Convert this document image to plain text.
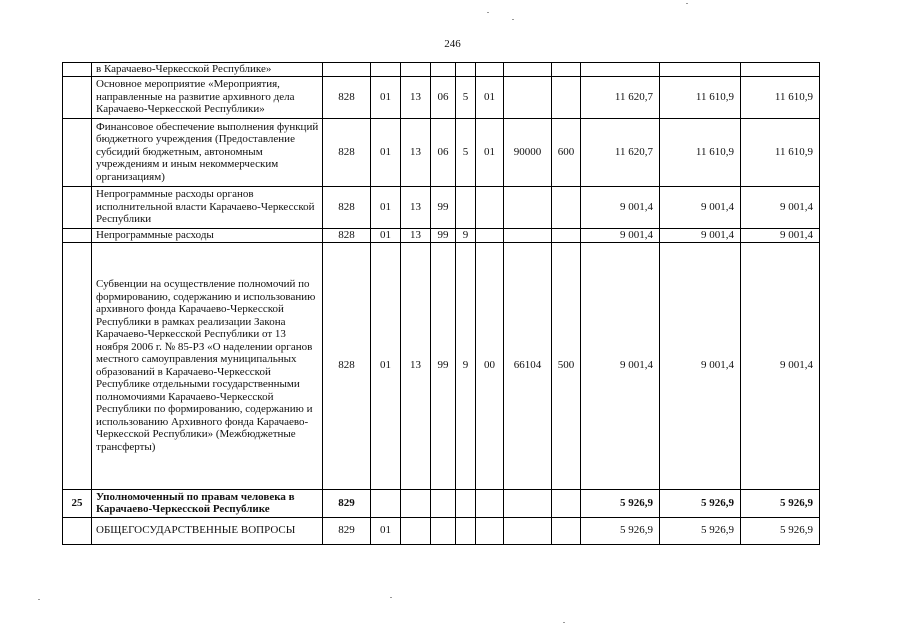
246
	в Карачаево-Черкесской Республике»											
	Основное мероприятие «Мероприятия, направленные на развитие архивного дела Карачаево-Черкесской Республики»	828	01	13	06	5	01			11 620,7	11 610,9	11 610,9
	Финансовое обеспечение выполнения функций бюджетного учреждения (Предоставление субсидий бюджетным, автономным учреждениям и иным некоммерческим организациям)	828	01	13	06	5	01	90000	600	11 620,7	11 610,9	11 610,9
	Непрограммные расходы органов исполнительной власти Карачаево-Черкесской Республики	828	01	13	99					9 001,4	9 001,4	9 001,4
	Непрограммные расходы	828	01	13	99	9				9 001,4	9 001,4	9 001,4
	Субвенции на осуществление полномочий по формированию, содержанию и использованию архивного фонда Карачаево-Черкесской Республики в рамках реализации Закона Карачаево-Черкесской Республики от 13 ноября 2006 г. № 85-РЗ «О наделении органов местного самоуправления муниципальных образований в Карачаево-Черкесской Республике отдельными государственными полномочиями Карачаево-Черкесской Республики по формированию, содержанию и использованию Архивного фонда Карачаево-Черкесской Республики» (Межбюджетные трансферты)	828	01	13	99	9	00	66104	500	9 001,4	9 001,4	9 001,4
25	Уполномоченный по правам человека в Карачаево-Черкесской Республике	829								5 926,9	5 926,9	5 926,9
	ОБЩЕГОСУДАРСТВЕННЫЕ ВОПРОСЫ	829	01							5 926,9	5 926,9	5 926,9
